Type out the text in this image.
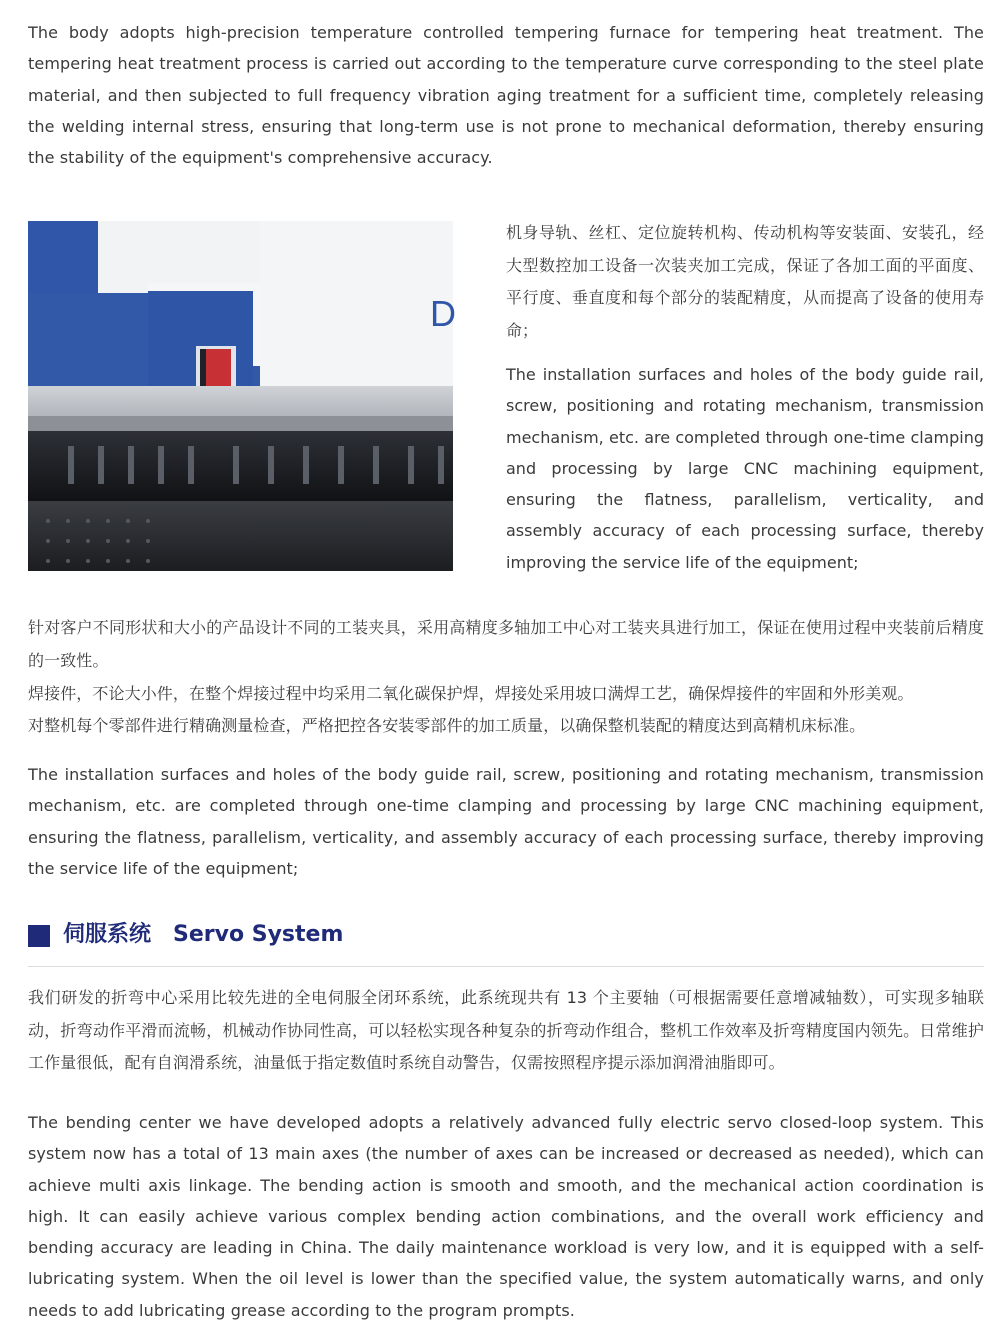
The body adopts high-precision temperature controlled tempering furnace for tempering heat treatment. The tempering heat treatment process is carried out according to the temperature curve corresponding to the steel plate material, and then subjected to full frequency vibration aging treatment for a sufficient time, completely releasing the welding internal stress, ensuring that long-term use is not prone to mechanical deformation, thereby ensuring the stability of the equipment's comprehensive accuracy.

D

机身导轨、丝杠、定位旋转机构、传动机构等安装面、安装孔，经大型数控加工设备一次装夹加工完成，保证了各加工面的平面度、平行度、垂直度和每个部分的装配精度，从而提高了设备的使用寿命；

The installation surfaces and holes of the body guide rail, screw, positioning and rotating mechanism, transmission mechanism, etc. are completed through one-time clamping and processing by large CNC machining equipment, ensuring the flatness, parallelism, verticality, and assembly accuracy of each processing surface, thereby improving the service life of the equipment;

针对客户不同形状和大小的产品设计不同的工装夹具，采用高精度多轴加工中心对工装夹具进行加工，保证在使用过程中夹装前后精度的一致性。

焊接件，不论大小件，在整个焊接过程中均采用二氧化碳保护焊，焊接处采用坡口满焊工艺，确保焊接件的牢固和外形美观。

对整机每个零部件进行精确测量检查，严格把控各安装零部件的加工质量，以确保整机装配的精度达到高精机床标准。

The installation surfaces and holes of the body guide rail, screw, positioning and rotating mechanism, transmission mechanism, etc. are completed through one-time clamping and processing by large CNC machining equipment, ensuring the flatness, parallelism, verticality, and assembly accuracy of each processing surface, thereby improving the service life of the equipment;

伺服系统 Servo System

我们研发的折弯中心采用比较先进的全电伺服全闭环系统，此系统现共有 13 个主要轴（可根据需要任意增减轴数），可实现多轴联动，折弯动作平滑而流畅，机械动作协同性高，可以轻松实现各种复杂的折弯动作组合，整机工作效率及折弯精度国内领先。日常维护工作量很低，配有自润滑系统，油量低于指定数值时系统自动警告，仅需按照程序提示添加润滑油脂即可。

The bending center we have developed adopts a relatively advanced fully electric servo closed-loop system. This system now has a total of 13 main axes (the number of axes can be increased or decreased as needed), which can achieve multi axis linkage. The bending action is smooth and smooth, and the mechanical action coordination is high. It can easily achieve various complex bending action combinations, and the overall work efficiency and bending accuracy are leading in China. The daily maintenance workload is very low, and it is equipped with a self-lubricating system. When the oil level is lower than the specified value, the system automatically warns, and only needs to add lubricating grease according to the program prompts.
